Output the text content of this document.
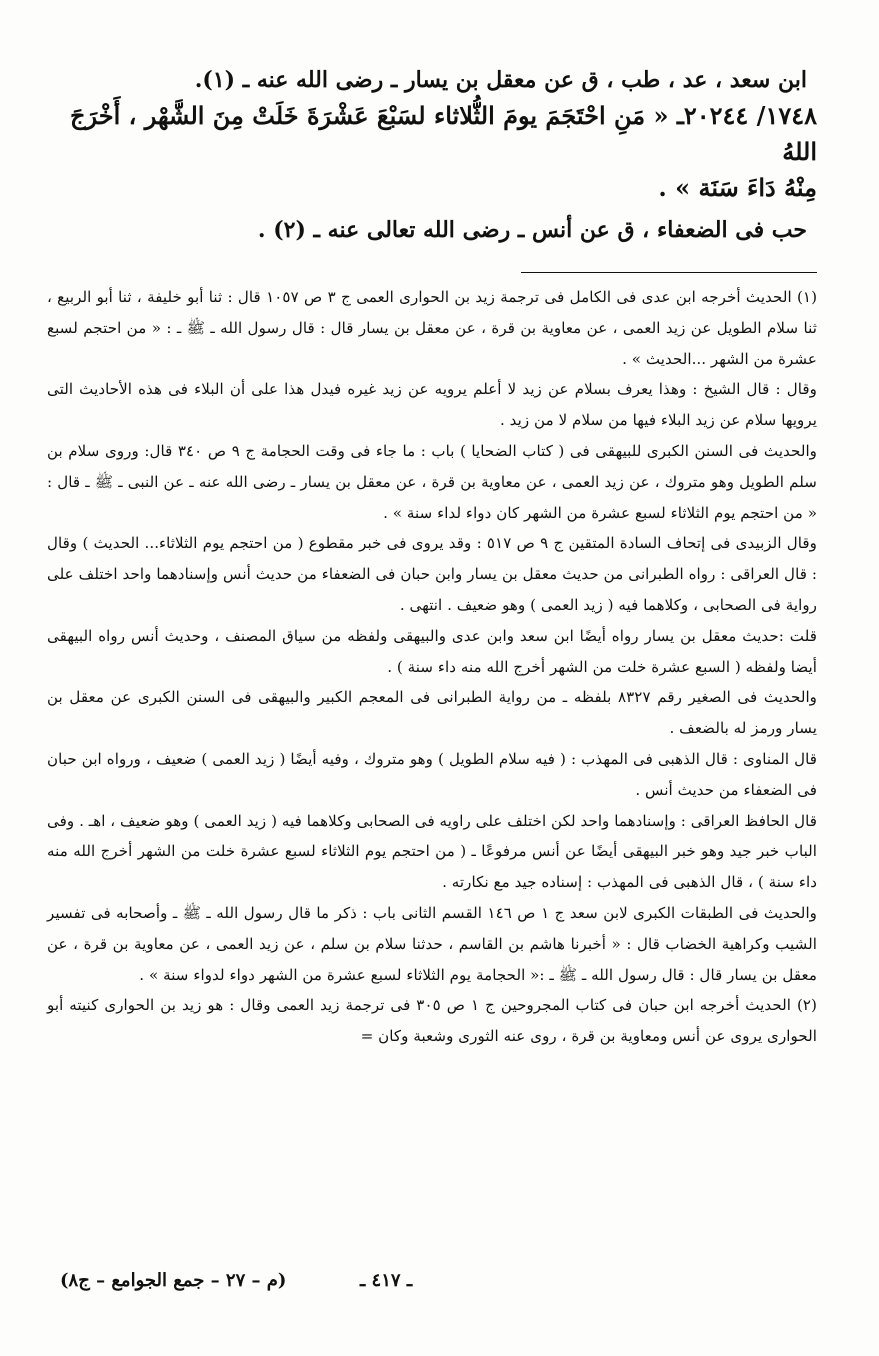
ابن سعد ، عد ، طب ، ق عن معقل بن يسار ـ رضى الله عنه ـ (١).

١٧٤٨/ ٢٠٢٤٤ـ « مَنِ احْتَجَمَ يومَ الثُّلاثاء لسَبْعَ عَشْرَةَ خَلَتْ مِنَ الشَّهْر ، أَخْرَجَ اللهُ

مِنْهُ دَاءَ سَنَة » .

حب فى الضعفاء ، ق عن أنس ـ رضى الله تعالى عنه ـ (٢) .

(١) الحديث أخرجه ابن عدى فى الكامل فى ترجمة زيد بن الحوارى العمى ج ٣ ص ١٠٥٧ قال : ثنا أبو خليفة ، ثنا أبو الربيع ، ثنا سلام الطويل عن زيد العمى ، عن معاوية بن قرة ، عن معقل بن يسار قال : قال رسول الله ـ ﷺ ـ : « من احتجم لسبع عشرة من الشهر ...الحديث » .

وقال : قال الشيخ : وهذا يعرف بسلام عن زيد لا أعلم يرويه عن زيد غيره فيدل هذا على أن البلاء فى هذه الأحاديث التى يرويها سلام عن زيد البلاء فيها من سلام لا من زيد .

والحديث فى السنن الكبرى للبيهقى فى ( كتاب الضحايا ) باب : ما جاء فى وقت الحجامة ج ٩ ص ٣٤٠ قال: وروى سلام بن سلم الطويل وهو متروك ، عن زيد العمى ، عن معاوية بن قرة ، عن معقل بن يسار ـ رضى الله عنه ـ عن النبى ـ ﷺ ـ قال : « من احتجم يوم الثلاثاء لسبع عشرة من الشهر كان دواء لداء سنة » .

وقال الزبيدى فى إتحاف السادة المتقين ج ٩ ص ٥١٧ : وقد يروى فى خبر مقطوع ( من احتجم يوم الثلاثاء... الحديث ) وقال : قال العراقى : رواه الطبرانى من حديث معقل بن يسار وابن حبان فى الضعفاء من حديث أنس وإسنادهما واحد اختلف على رواية فى الصحابى ، وكلاهما فيه ( زيد العمى ) وهو ضعيف . انتهى .

قلت :حديث معقل بن يسار رواه أيضًا ابن سعد وابن عدى والبيهقى ولفظه من سياق المصنف ، وحديث أنس رواه البيهقى أيضا ولفظه ( السبع عشرة خلت من الشهر أخرج الله منه داء سنة ) .

والحديث فى الصغير رقم ٨٣٢٧ بلفظه ـ من رواية الطبرانى فى المعجم الكبير والبيهقى فى السنن الكبرى عن معقل بن يسار ورمز له بالضعف .

قال المناوى : قال الذهبى فى المهذب : ( فيه سلام الطويل ) وهو متروك ، وفيه أيضًا ( زيد العمى ) ضعيف ، ورواه ابن حبان فى الضعفاء من حديث أنس .

قال الحافظ العراقى : وإسنادهما واحد لكن اختلف على راويه فى الصحابى وكلاهما فيه ( زيد العمى ) وهو ضعيف ، اهـ . وفى الباب خبر جيد وهو خبر البيهقى أيضًا عن أنس مرفوعًا ـ ( من احتجم يوم الثلاثاء لسبع عشرة خلت من الشهر أخرج الله منه داء سنة ) ، قال الذهبى فى المهذب : إسناده جيد مع نكارته .

والحديث فى الطبقات الكبرى لابن سعد ج ١ ص ١٤٦ القسم الثانى باب : ذكر ما قال رسول الله ـ ﷺ ـ وأصحابه فى تفسير الشيب وكراهية الخضاب قال : « أخبرنا هاشم بن القاسم ، حدثنا سلام بن سلم ، عن زيد العمى ، عن معاوية بن قرة ، عن معقل بن يسار قال : قال رسول الله ـ ﷺ ـ :« الحجامة يوم الثلاثاء لسبع عشرة من الشهر دواء لدواء سنة » .

(٢) الحديث أخرجه ابن حبان فى كتاب المجروحين ج ١ ص ٣٠٥ فى ترجمة زيد العمى وقال : هو زيد بن الحوارى كنيته أبو الحوارى يروى عن أنس ومعاوية بن قرة ، روى عنه الثورى وشعبة وكان =

ـ ٤١٧ ـ
(م – ٢٧ – جمع الجوامع – ج٨)
